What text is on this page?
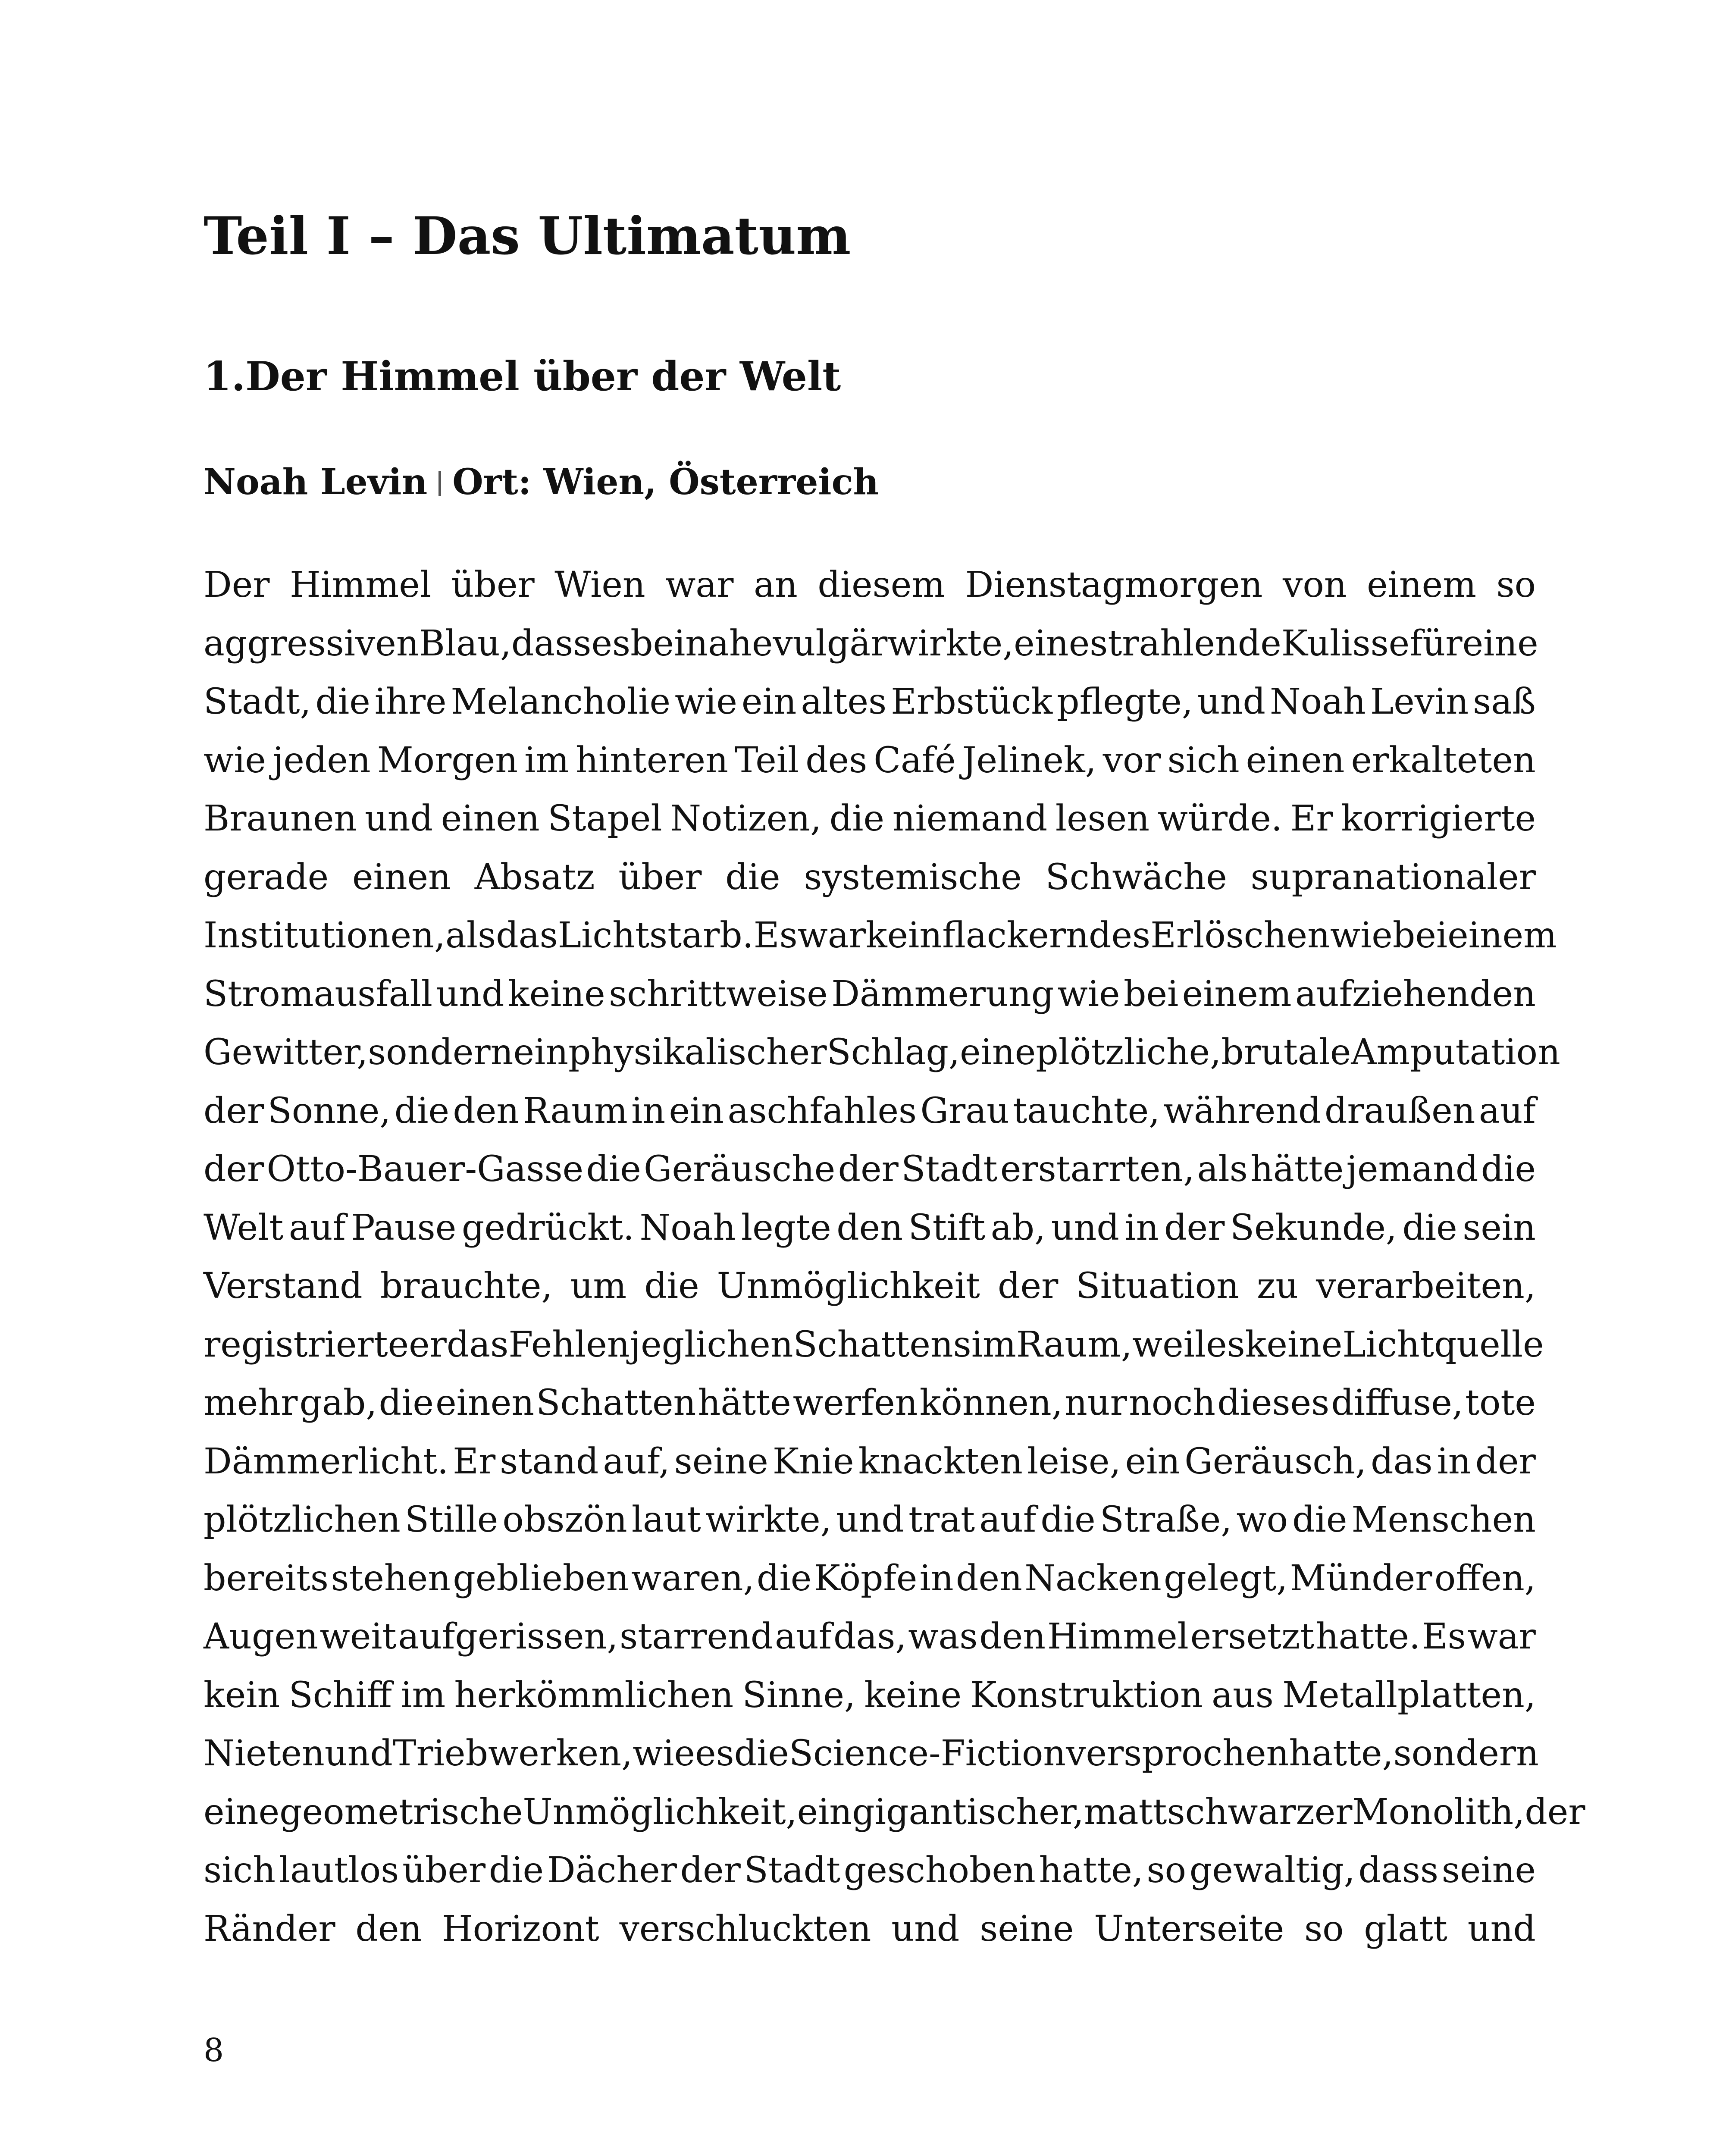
Teil I – Das Ultimatum
1.Der Himmel über der Welt

Noah Levin Ort: Wien, Österreich

Der Himmel über Wien war an diesem Dienstagmorgen von einem so
aggressiven Blau, dass es beinahe vulgär wirkte, eine strahlende Kulisse für eine
Stadt, die ihre Melancholie wie ein altes Erbstück pflegte, und Noah Levin saß
wie jeden Morgen im hinteren Teil des Café Jelinek, vor sich einen erkalteten
Braunen und einen Stapel Notizen, die niemand lesen würde. Er korrigierte
gerade einen Absatz über die systemische Schwäche supranationaler
Institutionen, als das Licht starb. Es war kein flackerndes Erlöschen wie bei einem
Stromausfall und keine schrittweise Dämmerung wie bei einem aufziehenden
Gewitter, sondern ein physikalischer Schlag, eine plötzliche, brutale Amputation
der Sonne, die den Raum in ein aschfahles Grau tauchte, während draußen auf
der Otto-Bauer-Gasse die Geräusche der Stadt erstarrten, als hätte jemand die
Welt auf Pause gedrückt. Noah legte den Stift ab, und in der Sekunde, die sein
Verstand brauchte, um die Unmöglichkeit der Situation zu verarbeiten,
registrierte er das Fehlen jeglichen Schattens im Raum, weil es keine Lichtquelle
mehr gab, die einen Schatten hätte werfen können, nur noch dieses diffuse, tote
Dämmerlicht. Er stand auf, seine Knie knackten leise, ein Geräusch, das in der
plötzlichen Stille obszön laut wirkte, und trat auf die Straße, wo die Menschen
bereits stehen geblieben waren, die Köpfe in den Nacken gelegt, Münder offen,
Augen weit aufgerissen, starrend auf das, was den Himmel ersetzt hatte. Es war
kein Schiff im herkömmlichen Sinne, keine Konstruktion aus Metallplatten,
Nieten und Triebwerken, wie es die Science-Fiction versprochen hatte, sondern
eine geometrische Unmöglichkeit, ein gigantischer, mattschwarzer Monolith, der
sich lautlos über die Dächer der Stadt geschoben hatte, so gewaltig, dass seine
Ränder den Horizont verschluckten und seine Unterseite so glatt und

8
